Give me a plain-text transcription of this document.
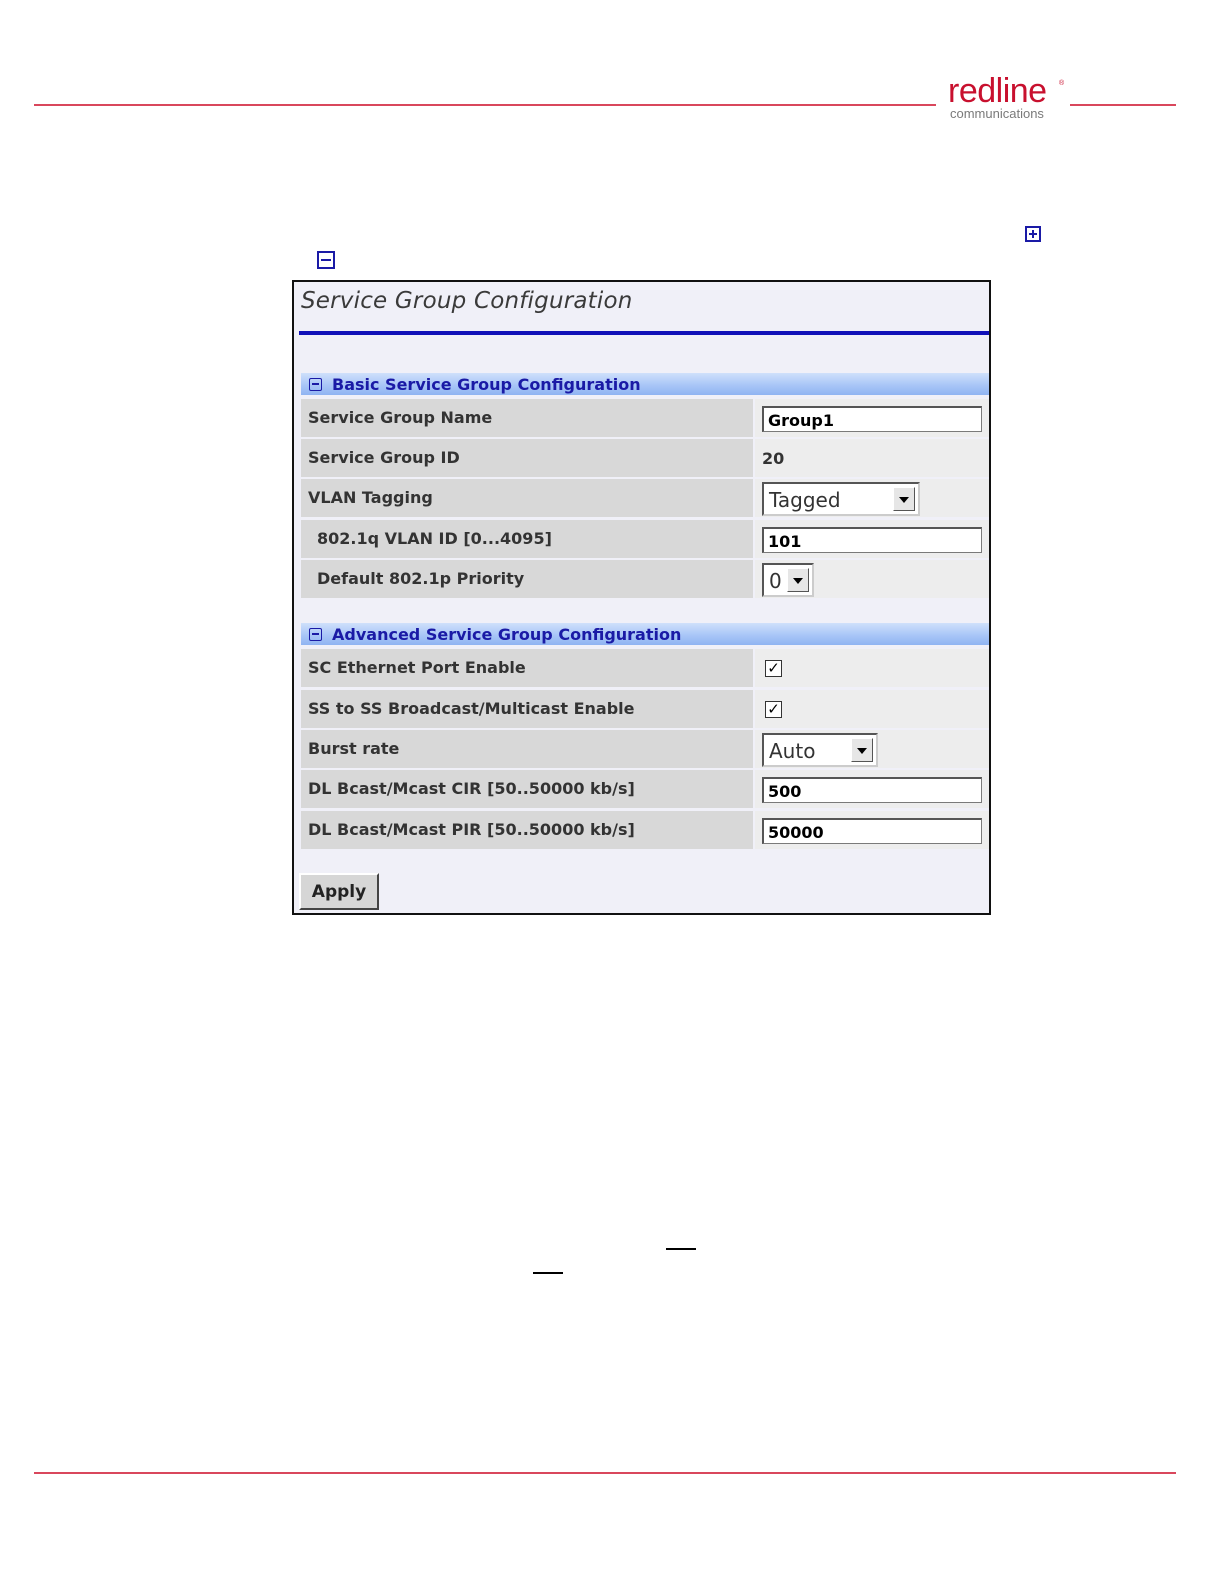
redline ®
communications
Service Group Configuration
Basic Service Group Configuration
Service Group Name	Group1
Service Group ID	20
VLAN Tagging	Tagged
802.1q VLAN ID [0...4095]	101
Default 802.1p Priority	0
Advanced Service Group Configuration
SC Ethernet Port Enable	✓
SS to SS Broadcast/Multicast Enable	✓
Burst rate	Auto
DL Bcast/Mcast CIR [50..50000 kb/s]	500
DL Bcast/Mcast PIR [50..50000 kb/s]	50000
Apply
